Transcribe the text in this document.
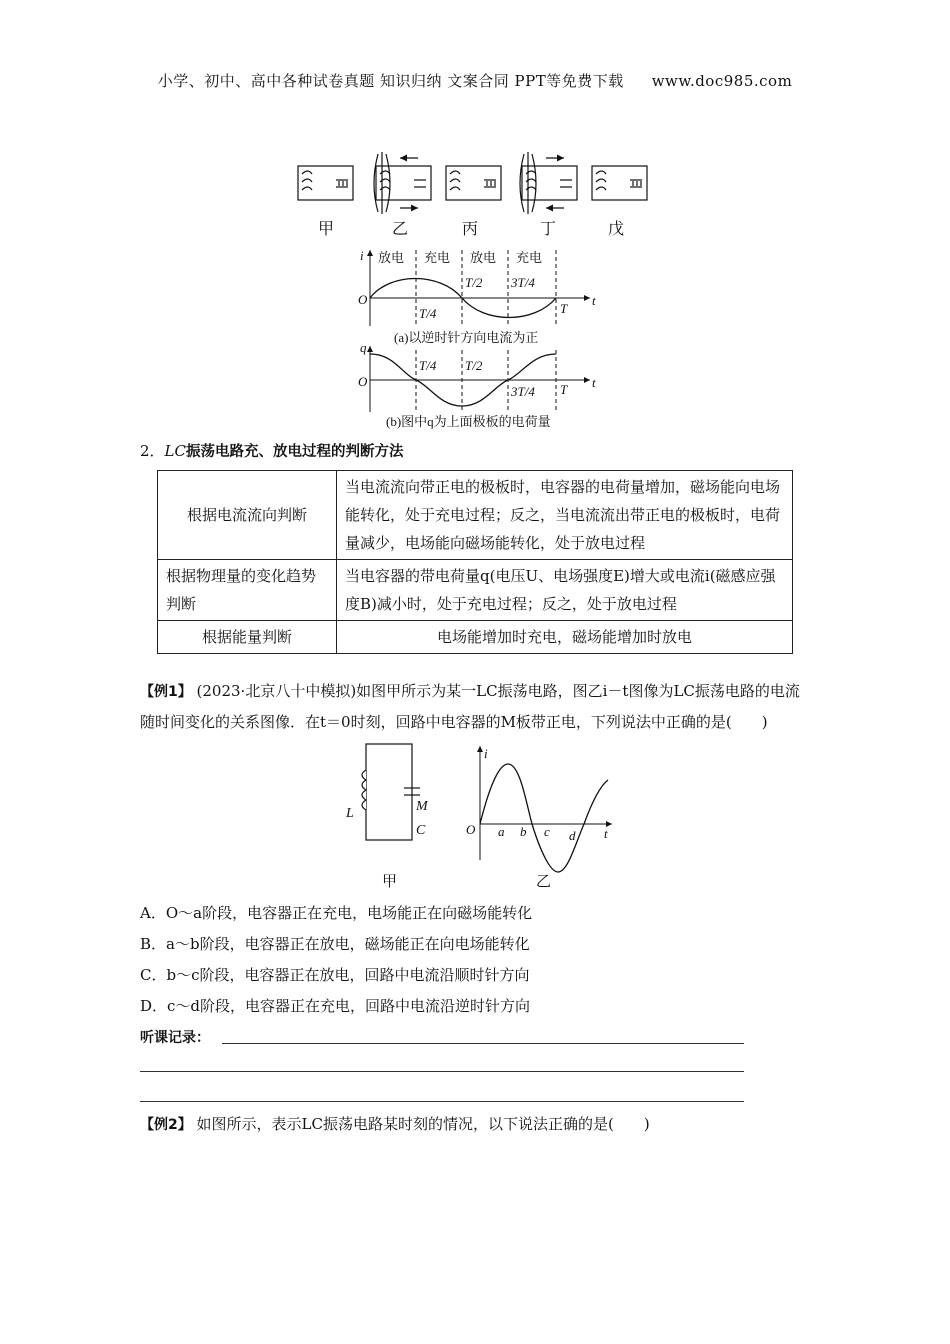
小学、初中、高中各种试卷真题 知识归纳 文案合同 PPT等免费下载 www.doc985.com
甲	乙	丙	丁	戊
i 放电 充电 放电 充电
O	t
T/4
T/2 3T/4
T
(a)以逆时针方向电流为正
q
O	t
T/4 T/2
3T/4 T
(b)图中q为上面极板的电荷量
2．LC振荡电路充、放电过程的判断方法
根据电流流向判断	当电流流向带正电的极板时，电容器的电荷量增加，磁场能向电场能转化，处于充电过程；反之，当电流流出带正电的极板时，电荷量减少，电场能向磁场能转化，处于放电过程
根据物理量的变化趋势判断	当电容器的带电荷量q(电压U、电场强度E)增大或电流i(磁感应强度B)减小时，处于充电过程；反之，处于放电过程
根据能量判断	电场能增加时充电，磁场能增加时放电
【例1】 (2023·北京八十中模拟)如图甲所示为某一LC振荡电路，图乙i－t图像为LC振荡电路的电流随时间变化的关系图像．在t＝0时刻，回路中电容器的M板带正电，下列说法中正确的是(　　)
L	M
C
i
O	t
a b c d
甲	乙
A．O～a阶段，电容器正在充电，电场能正在向磁场能转化
B．a～b阶段，电容器正在放电，磁场能正在向电场能转化
C．b～c阶段，电容器正在放电，回路中电流沿顺时针方向
D．c～d阶段，电容器正在充电，回路中电流沿逆时针方向
听课记录：
【例2】 如图所示，表示LC振荡电路某时刻的情况，以下说法正确的是(　　)
